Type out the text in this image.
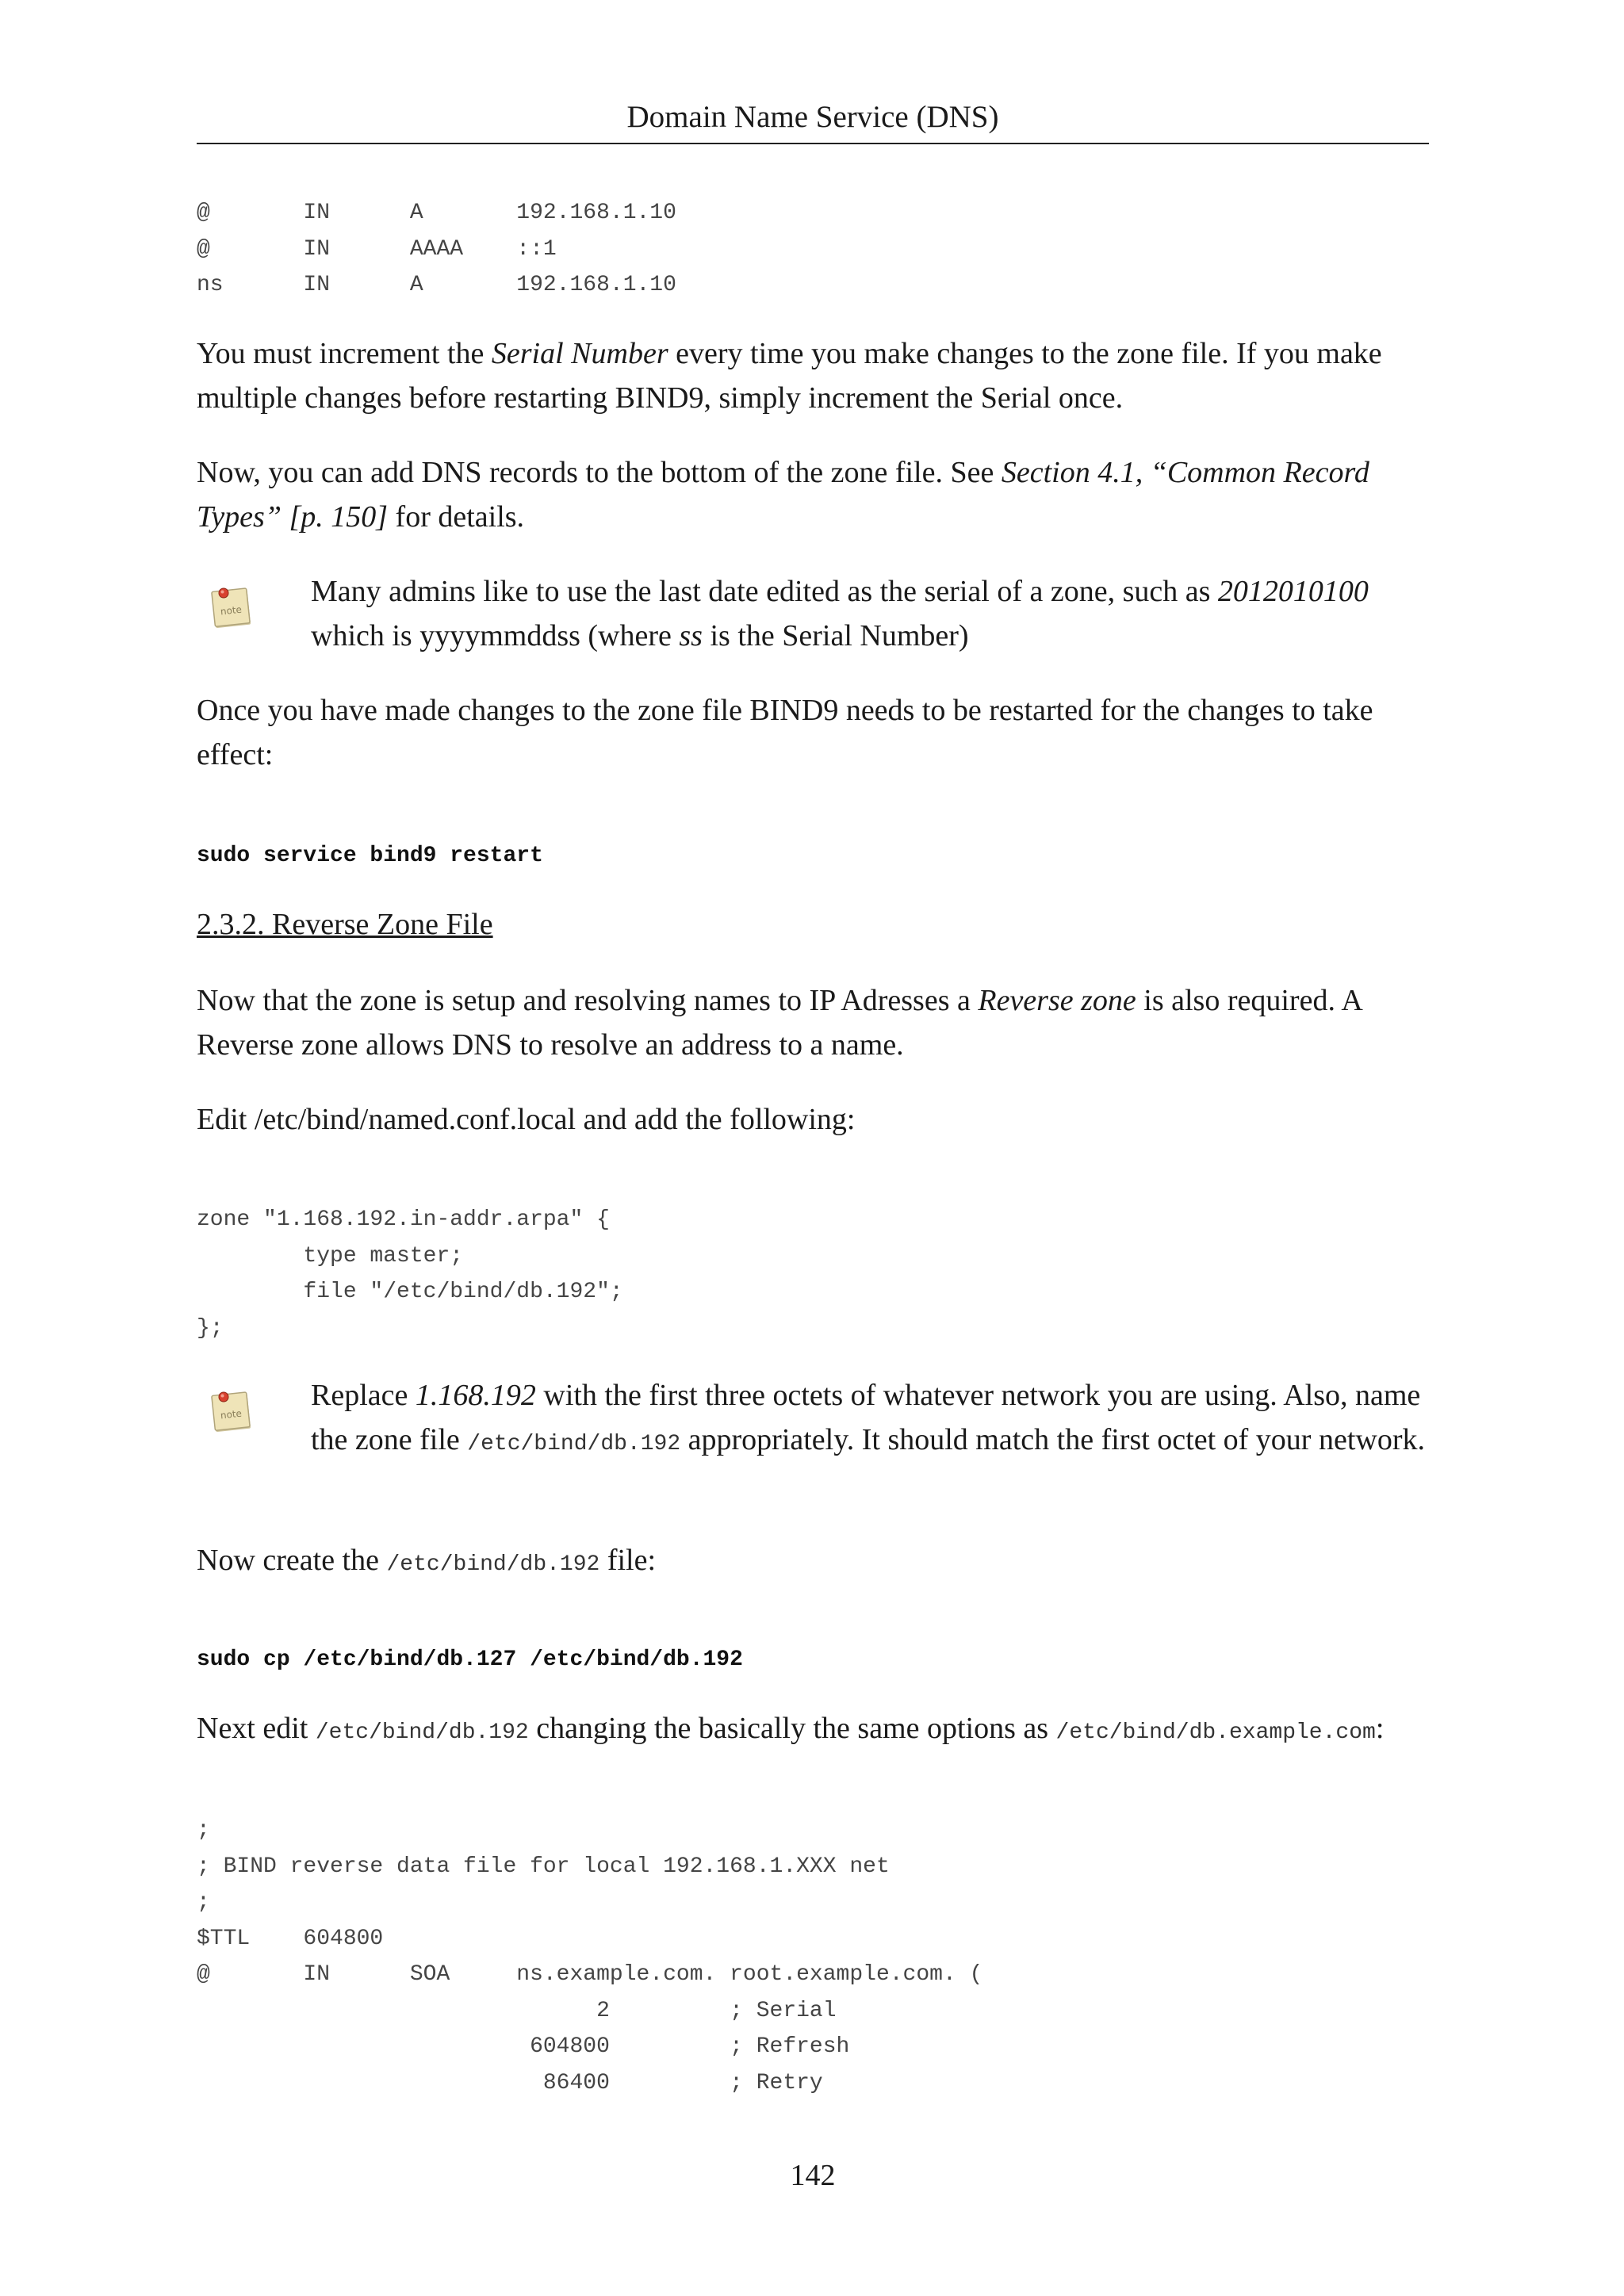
Domain Name Service (DNS)
@       IN      A       192.168.1.10
@       IN      AAAA    ::1
ns      IN      A       192.168.1.10

You must increment the Serial Number every time you make changes to the zone file. If you make multiple changes before restarting BIND9, simply increment the Serial once.

Now, you can add DNS records to the bottom of the zone file. See Section 4.1, “Common Record Types” [p. 150] for details.

note

Many admins like to use the last date edited as the serial of a zone, such as 2012010100 which is yyyymmddss (where ss is the Serial Number)

Once you have made changes to the zone file BIND9 needs to be restarted for the changes to take effect:

sudo service bind9 restart
2.3.2. Reverse Zone File

Now that the zone is setup and resolving names to IP Adresses a Reverse zone is also required. A Reverse zone allows DNS to resolve an address to a name.

Edit /etc/bind/named.conf.local and add the following:

zone "1.168.192.in-addr.arpa" {
type master;
file "/etc/bind/db.192";
};
note

Replace 1.168.192 with the first three octets of whatever network you are using. Also, name the zone file /etc/bind/db.192 appropriately. It should match the first octet of your network.

Now create the /etc/bind/db.192 file:

sudo cp /etc/bind/db.127 /etc/bind/db.192

Next edit /etc/bind/db.192 changing the basically the same options as /etc/bind/db.example.com:

;
; BIND reverse data file for local 192.168.1.XXX net
;
$TTL    604800
@       IN      SOA     ns.example.com. root.example.com. (
2         ; Serial
604800         ; Refresh
86400         ; Retry
142
